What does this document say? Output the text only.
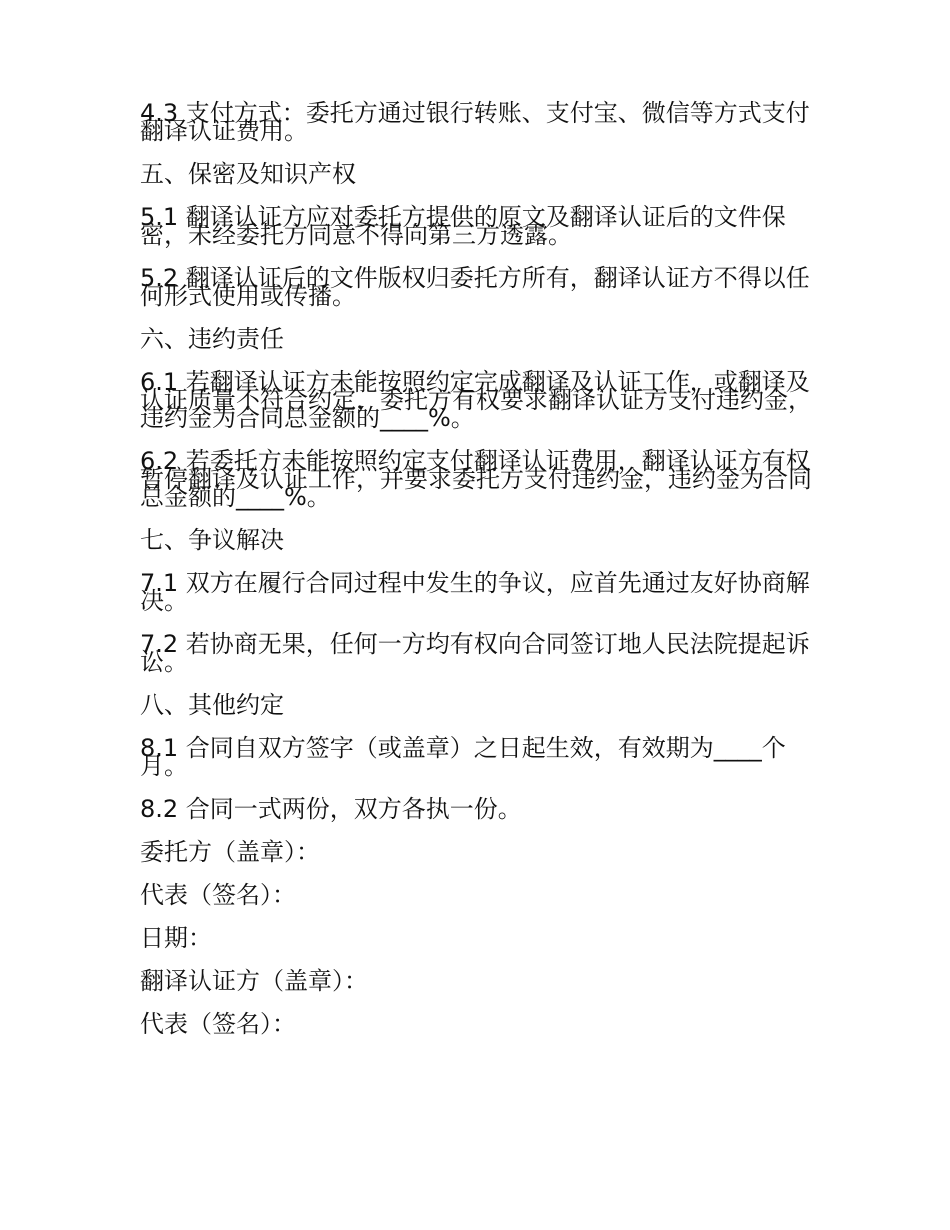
4.3 支付方式：委托方通过银行转账、支付宝、微信等方式支付翻译认证费用。

五、保密及知识产权

5.1 翻译认证方应对委托方提供的原文及翻译认证后的文件保密，未经委托方同意不得向第三方透露。

5.2 翻译认证后的文件版权归委托方所有，翻译认证方不得以任何形式使用或传播。

六、违约责任

6.1 若翻译认证方未能按照约定完成翻译及认证工作，或翻译及认证质量不符合约定，委托方有权要求翻译认证方支付违约金，违约金为合同总金额的____%。

6.2 若委托方未能按照约定支付翻译认证费用，翻译认证方有权暂停翻译及认证工作，并要求委托方支付违约金，违约金为合同总金额的____%。

七、争议解决

7.1 双方在履行合同过程中发生的争议，应首先通过友好协商解决。

7.2 若协商无果，任何一方均有权向合同签订地人民法院提起诉讼。

八、其他约定

8.1 合同自双方签字（或盖章）之日起生效，有效期为____个月。

8.2 合同一式两份，双方各执一份。

委托方（盖章）：

代表（签名）：

日期：

翻译认证方（盖章）：

代表（签名）：
